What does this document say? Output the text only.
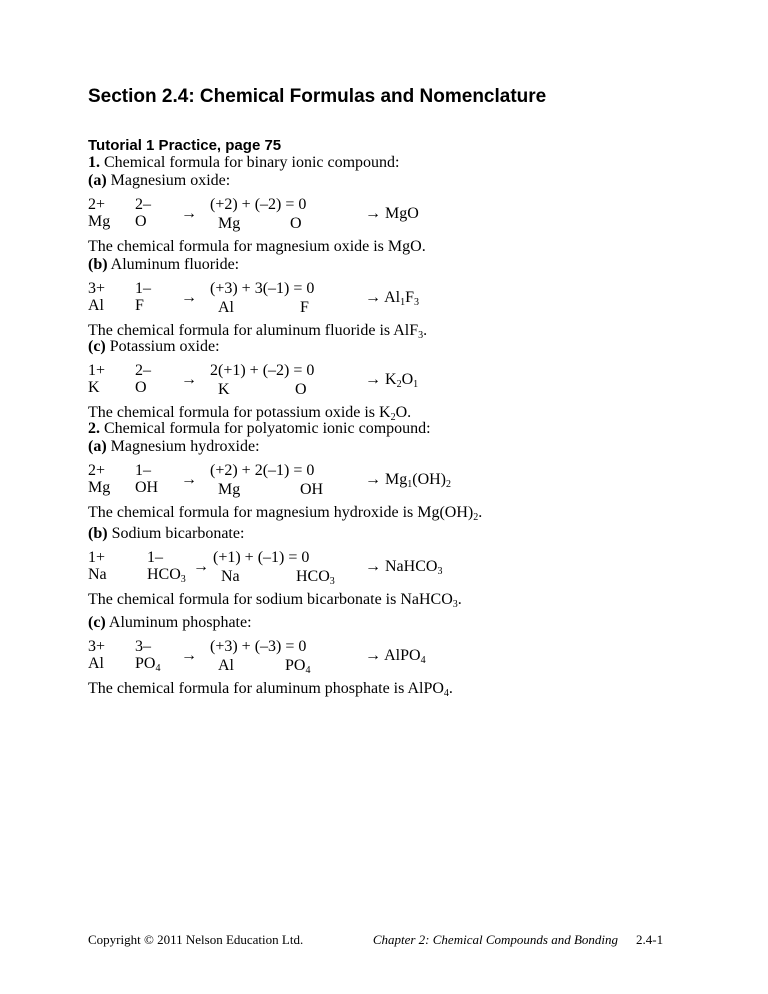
Section 2.4: Chemical Formulas and Nomenclature
Tutorial 1 Practice, page 75
1. Chemical formula for binary ionic compound:
2. Chemical formula for polyatomic ionic compound:
(a) Magnesium oxide:
2+ 2–
Mg O →
(+2) + (–2) = 0
Mg	O
→ MgO
The chemical formula for magnesium oxide is MgO.
(b) Aluminum fluoride:
3+ 1–
Al F →
(+3) + 3(–1) = 0
Al	F
→ $Al_1F_3$
The chemical formula for aluminum fluoride is AlF$_3$.
(c) Potassium oxide:
1+ 2–
K O →
2(+1) + (–2) = 0
K	O
→ $K_2O_1$
The chemical formula for potassium oxide is $K_2O$.
(a) Magnesium hydroxide:
2+ 1–
Mg OH →
(+2) + 2(–1) = 0
Mg	OH
→ $Mg_1(OH)_2$
The chemical formula for magnesium hydroxide is $Mg(OH)_2$.
(b) Sodium bicarbonate:
1+	1–
Na	$HCO_3$
→
(+1) + (–1) = 0
Na	$HCO_3$
→ NaHCO$_3$
The chemical formula for sodium bicarbonate is NaHCO$_3$.
(c) Aluminum phosphate:
3+ 3–
Al $PO_4$
→
(+3) + (–3) = 0
Al	$PO_4$
→ AlPO$_4$
The chemical formula for aluminum phosphate is AlPO$_4$.
Copyright © 2011 Nelson Education Ltd.	Chapter 2: Chemical Compounds and Bonding 2.4-1
